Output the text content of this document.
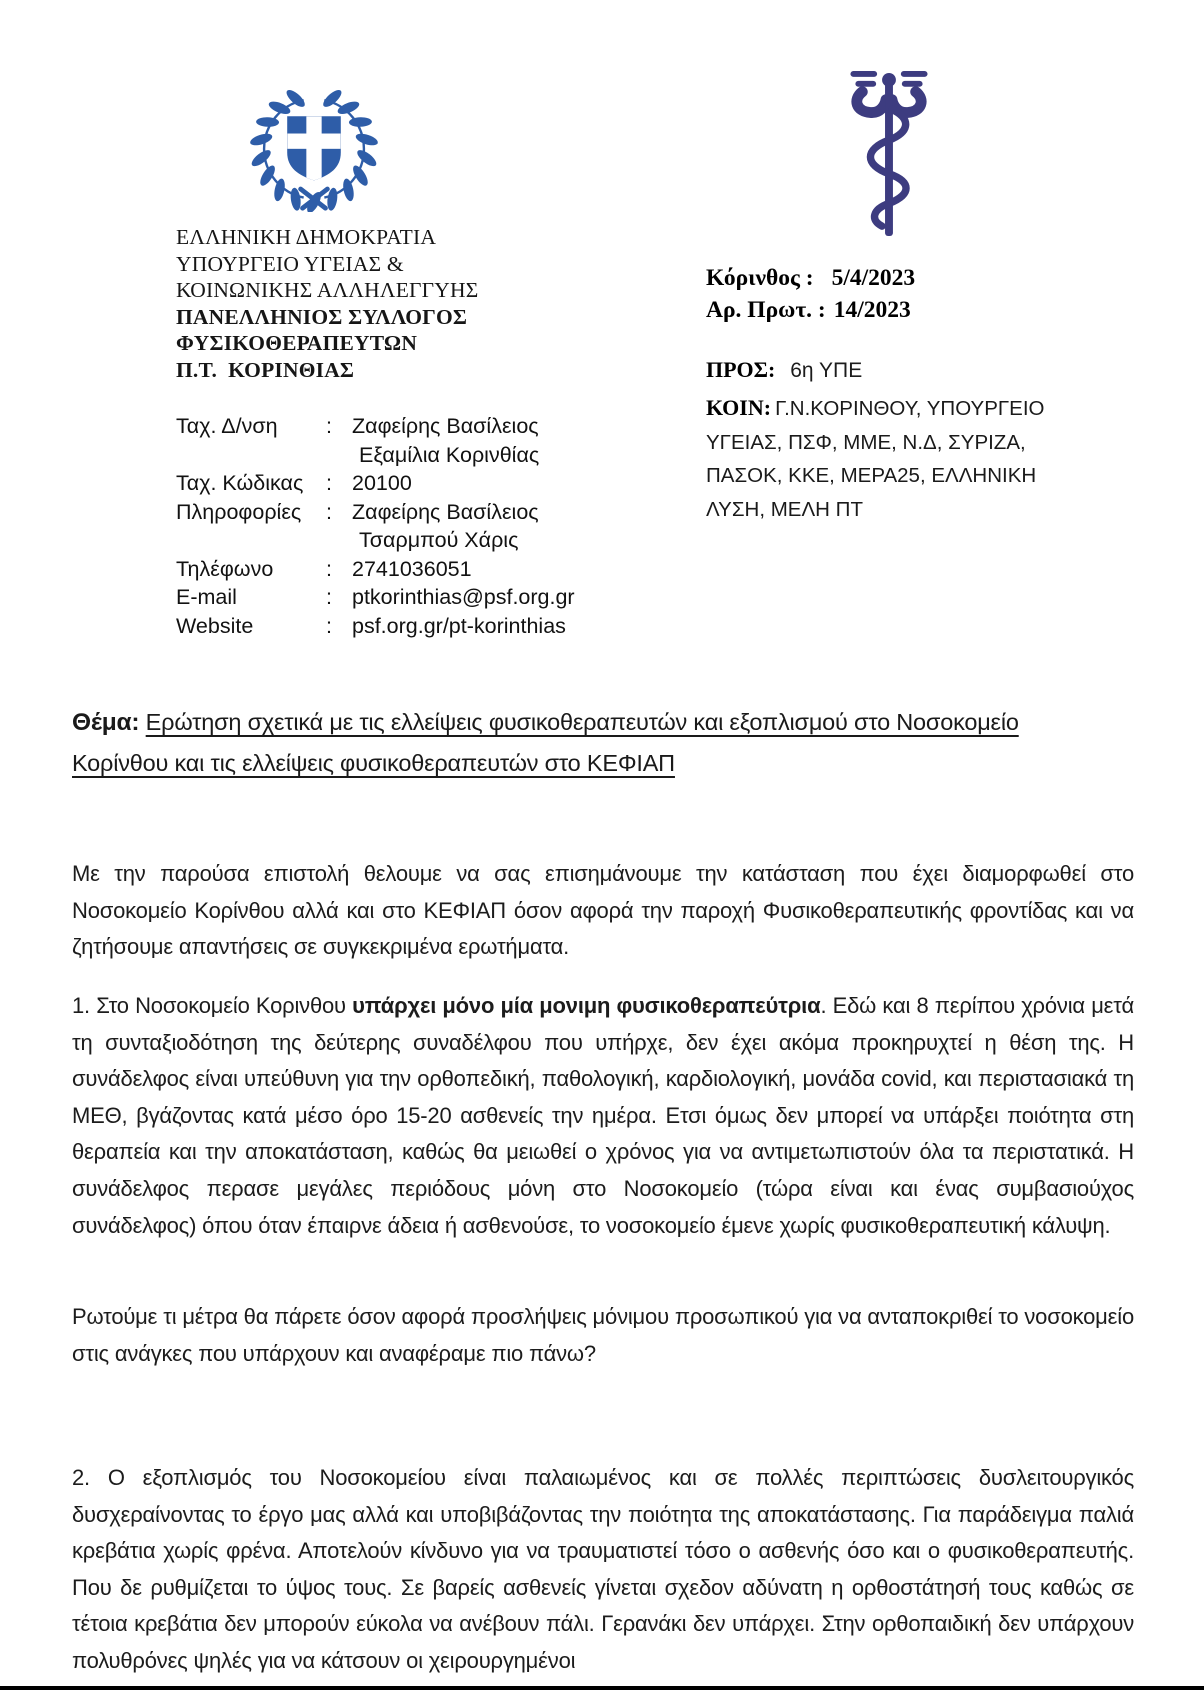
ΕΛΛΗΝΙΚΗ ΔΗΜΟΚΡΑΤΙΑ
ΥΠΟΥΡΓΕΙΟ ΥΓΕΙΑΣ &
ΚΟΙΝΩΝΙΚΗΣ ΑΛΛΗΛΕΓΓΥΗΣ
ΠΑΝΕΛΛΗΝΙΟΣ ΣΥΛΛΟΓΟΣ
ΦΥΣΙΚΟΘΕΡΑΠΕΥΤΩΝ
Π.Τ.  ΚΟΡΙΝΘΙΑΣ
Ταχ. Δ/νση	: Ζαφείρης Βασίλειος
Εξαμίλια Κορινθίας
Ταχ. Κώδικας	: 20100
Πληροφορίες	: Ζαφείρης Βασίλειος
Τσαρμπού Χάρις
Τηλέφωνο	: 2741036051
E-mail	: ptkorinthias@psf.org.gr
Website	: psf.org.gr/pt-korinthias
Κόρινθος : 5/4/2023
Αρ. Πρωτ. : 14/2023
ΠΡΟΣ: 6η ΥΠΕ
ΚΟΙΝ: Γ.Ν.ΚΟΡΙΝΘΟΥ, ΥΠΟΥΡΓΕΙΟ ΥΓΕΙΑΣ, ΠΣΦ, ΜΜΕ, Ν.Δ, ΣΥΡΙΖΑ, ΠΑΣΟΚ, ΚΚΕ, ΜΕΡΑ25, ΕΛΛΗΝΙΚΗ ΛΥΣΗ, ΜΕΛΗ ΠΤ
Θέμα: Ερώτηση σχετικά με τις ελλείψεις φυσικοθεραπευτών και εξοπλισμού στο Νοσοκομείο
Κορίνθου και τις ελλείψεις φυσικοθεραπευτών στο ΚΕΦΙΑΠ

Με την παρούσα επιστολή θελουμε να σας επισημάνουμε την κατάσταση που έχει διαμορφωθεί στο Νοσοκομείο Κορίνθου αλλά και στο ΚΕΦΙΑΠ όσον αφορά την παροχή Φυσικοθεραπευτικής φροντίδας και να ζητήσουμε απαντήσεις σε συγκεκριμένα ερωτήματα.

1. Στο Νοσοκομείο Κορινθου υπάρχει μόνο μία μονιμη φυσικοθεραπεύτρια. Εδώ και 8 περίπου χρόνια μετά τη συνταξιοδότηση της δεύτερης συναδέλφου που υπήρχε, δεν έχει ακόμα προκηρυχτεί η θέση της. Η συνάδελφος είναι υπεύθυνη για την ορθοπεδική, παθολογική, καρδιολογική, μονάδα covid, και περιστασιακά τη ΜΕΘ, βγάζοντας κατά μέσο όρο 15-20 ασθενείς την ημέρα. Ετσι όμως δεν μπορεί να υπάρξει ποιότητα στη θεραπεία και την αποκατάσταση, καθώς θα μειωθεί ο χρόνος για να αντιμετωπιστούν όλα τα περιστατικά. Η συνάδελφος περασε μεγάλες περιόδους μόνη στο Νοσοκομείο (τώρα είναι και ένας συμβασιούχος συνάδελφος) όπου όταν έπαιρνε άδεια ή ασθενούσε, το νοσοκομείο έμενε χωρίς φυσικοθεραπευτική κάλυψη.

Ρωτούμε τι μέτρα θα πάρετε όσον αφορά προσλήψεις μόνιμου προσωπικού για να ανταποκριθεί το νοσοκομείο στις ανάγκες που υπάρχουν και αναφέραμε πιο πάνω?

2. Ο εξοπλισμός του Νοσοκομείου είναι παλαιωμένος και σε πολλές περιπτώσεις δυσλειτουργικός δυσχεραίνοντας το έργο μας αλλά και υποβιβάζοντας την ποιότητα της αποκατάστασης. Για παράδειγμα παλιά κρεβάτια χωρίς φρένα. Αποτελούν κίνδυνο για να τραυματιστεί τόσο ο ασθενής όσο και ο φυσικοθεραπευτής. Που δε ρυθμίζεται το ύψος τους. Σε βαρείς ασθενείς γίνεται σχεδον αδύνατη η ορθοστάτησή τους καθώς σε τέτοια κρεβάτια δεν μπορούν εύκολα να ανέβουν πάλι. Γερανάκι δεν υπάρχει. Στην ορθοπαιδική δεν υπάρχουν πολυθρόνες ψηλές για να κάτσουν οι χειρουργημένοι
